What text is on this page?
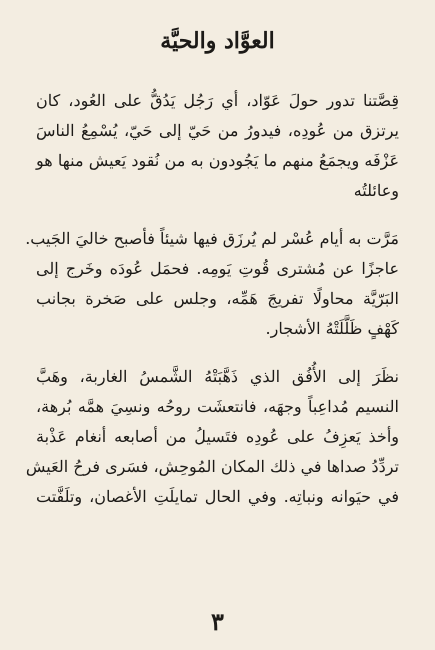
العوَّاد والحيَّة
قِصَّتنا تدور حولَ عَوّاد، أي رَجُل يَدُقُّ على العُود، كان
يرتزق من عُودِه، فيدورُ من حَيّ إلى حَيّ، يُسْمِعُ الناسَ
عَزْفَه ويجمَعُ منهم ما يَجُودون به من نُقود يَعيش منها هو
وعائلتُه
مَرَّت به أيام عُسْر لم يُرزَق فيها شيئاً فأصبح خاليَ الجَيب.
عاجزًا عن مُشترى قُوتِ يَومِه. فحمَل عُودَه وخَرج إلى
البَرّيَّة محاولًا تفريجَ هَمِّه، وجلس على صَخرة بجانب
كَهْفٍ ظَلَّلَتْهُ الأشجار.
نظَرَ إلى الأُفُق الذي ذَهَّبَتْهُ الشَّمسُ الغاربة، وهَبَّ
النسيم مُداعِباً وجهَه، فانتعشَت روحُه ونسِيَ همَّه بُرهة،
وأخذ يَعزِفُ على عُودِه فتَسيلُ من أصابعه أنغام عَذْبة
تردِّدُ صداها في ذلك المكان المُوحِش، فسَرى فرحُ العَيش
في حيَوانه ونباتِه. وفي الحال تمايلَتِ الأغصان، وتلَفَّتت
٣
